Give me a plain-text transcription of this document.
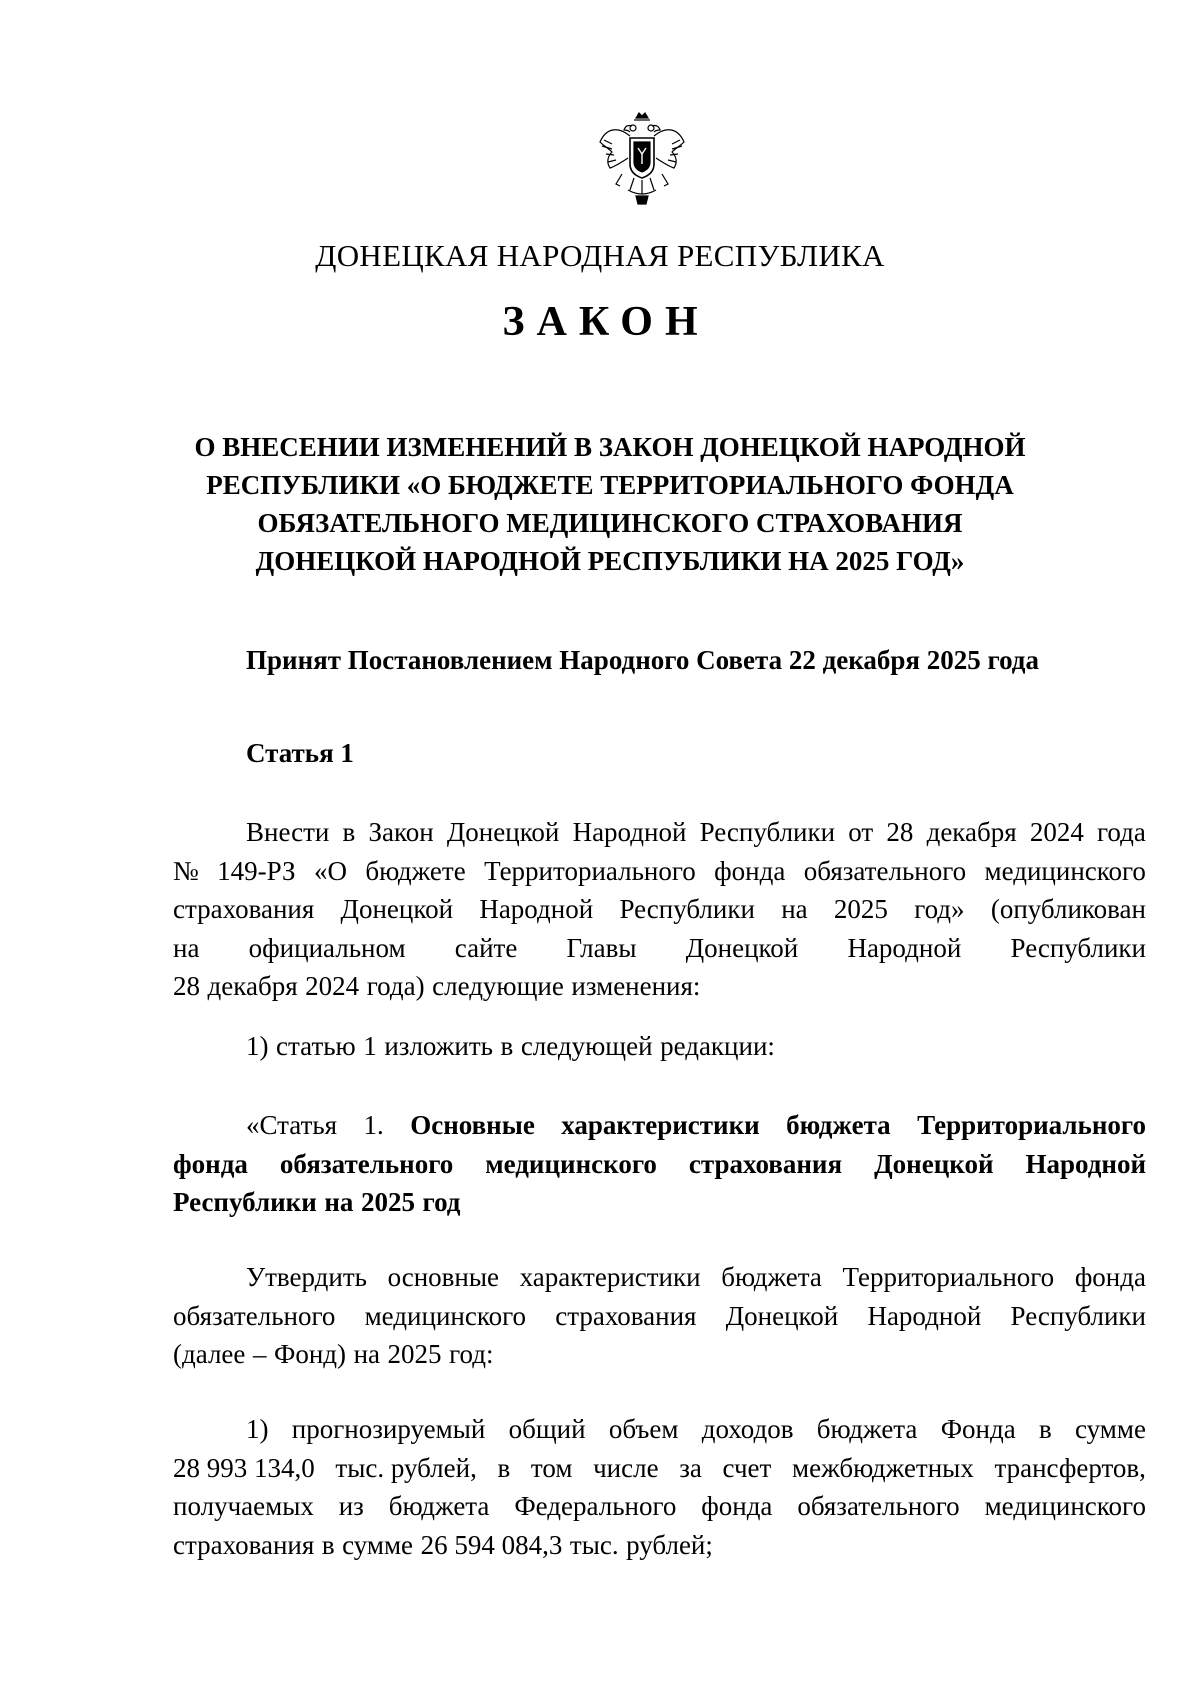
ДОНЕЦКАЯ НАРОДНАЯ РЕСПУБЛИКА
ЗАКОН
О ВНЕСЕНИИ ИЗМЕНЕНИЙ В ЗАКОН ДОНЕЦКОЙ НАРОДНОЙ
РЕСПУБЛИКИ «О БЮДЖЕТЕ ТЕРРИТОРИАЛЬНОГО ФОНДА
ОБЯЗАТЕЛЬНОГО МЕДИЦИНСКОГО СТРАХОВАНИЯ
ДОНЕЦКОЙ НАРОДНОЙ РЕСПУБЛИКИ НА 2025 ГОД»
Принят Постановлением Народного Совета 22 декабря 2025 года
Статья 1
Внести в Закон Донецкой Народной Республики от 28 декабря 2024 года
№ 149-РЗ «О бюджете Территориального фонда обязательного медицинского
страхования Донецкой Народной Республики на 2025 год» (опубликован
на официальном сайте Главы Донецкой Народной Республики
28 декабря 2024 года) следующие изменения:
1) статью 1 изложить в следующей редакции:
«Статья 1. Основные характеристики бюджета Территориального
фонда обязательного медицинского страхования Донецкой Народной
Республики на 2025 год
Утвердить основные характеристики бюджета Территориального фонда
обязательного медицинского страхования Донецкой Народной Республики
(далее – Фонд) на 2025 год:
1) прогнозируемый общий объем доходов бюджета Фонда в сумме
28 993 134,0 тыс. рублей, в том числе за счет межбюджетных трансфертов,
получаемых из бюджета Федерального фонда обязательного медицинского
страхования в сумме 26 594 084,3 тыс. рублей;
